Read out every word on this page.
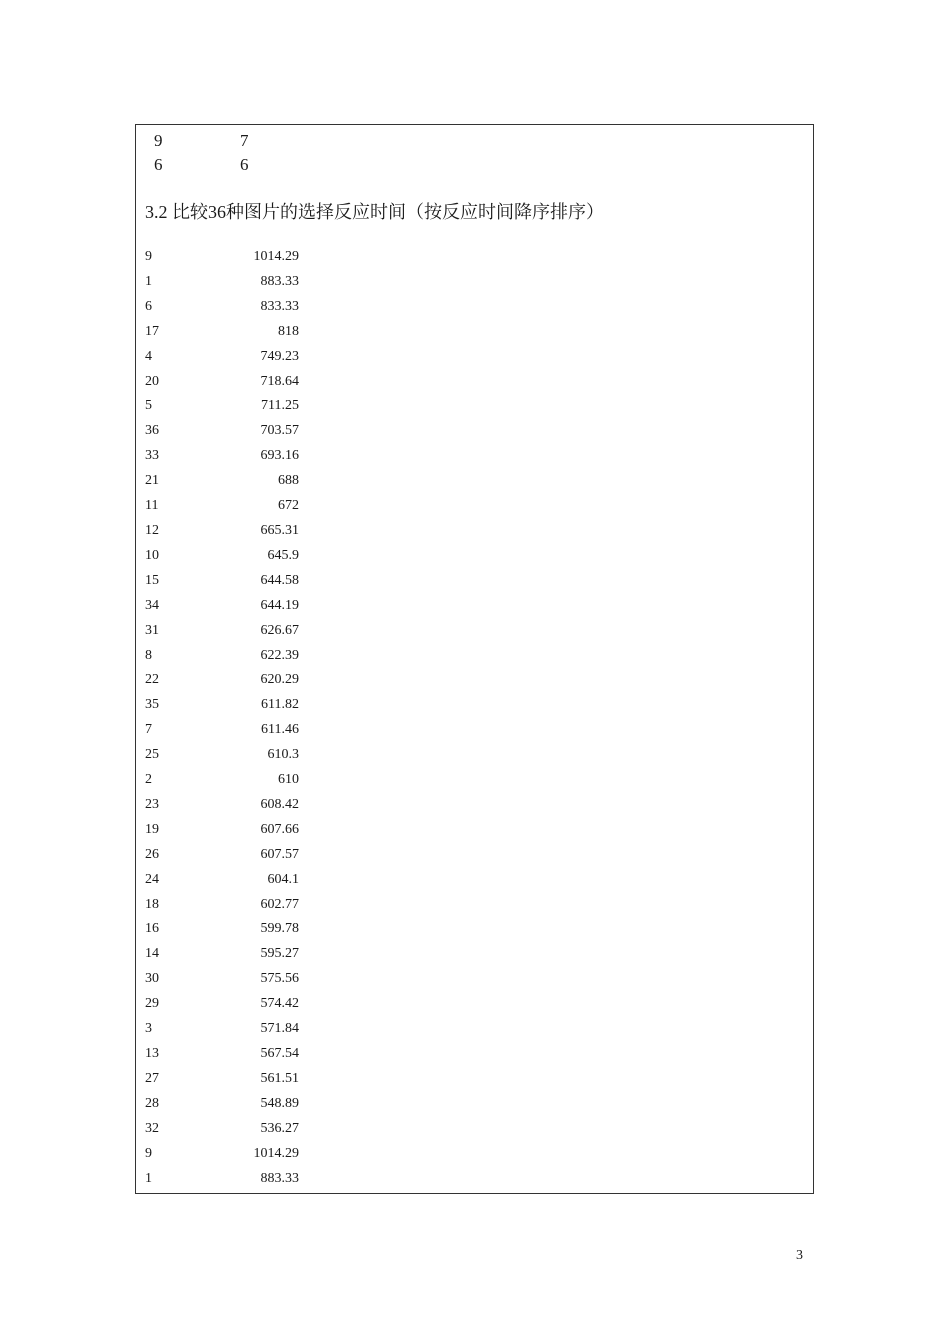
9	7
6	6
3.2 比较36种图片的选择反应时间（按反应时间降序排序）
9	1014.29
1	883.33
6	833.33
17	818
4	749.23
20	718.64
5	711.25
36	703.57
33	693.16
21	688
11	672
12	665.31
10	645.9
15	644.58
34	644.19
31	626.67
8	622.39
22	620.29
35	611.82
7	611.46
25	610.3
2	610
23	608.42
19	607.66
26	607.57
24	604.1
18	602.77
16	599.78
14	595.27
30	575.56
29	574.42
3	571.84
13	567.54
27	561.51
28	548.89
32	536.27
9	1014.29
1	883.33
3
